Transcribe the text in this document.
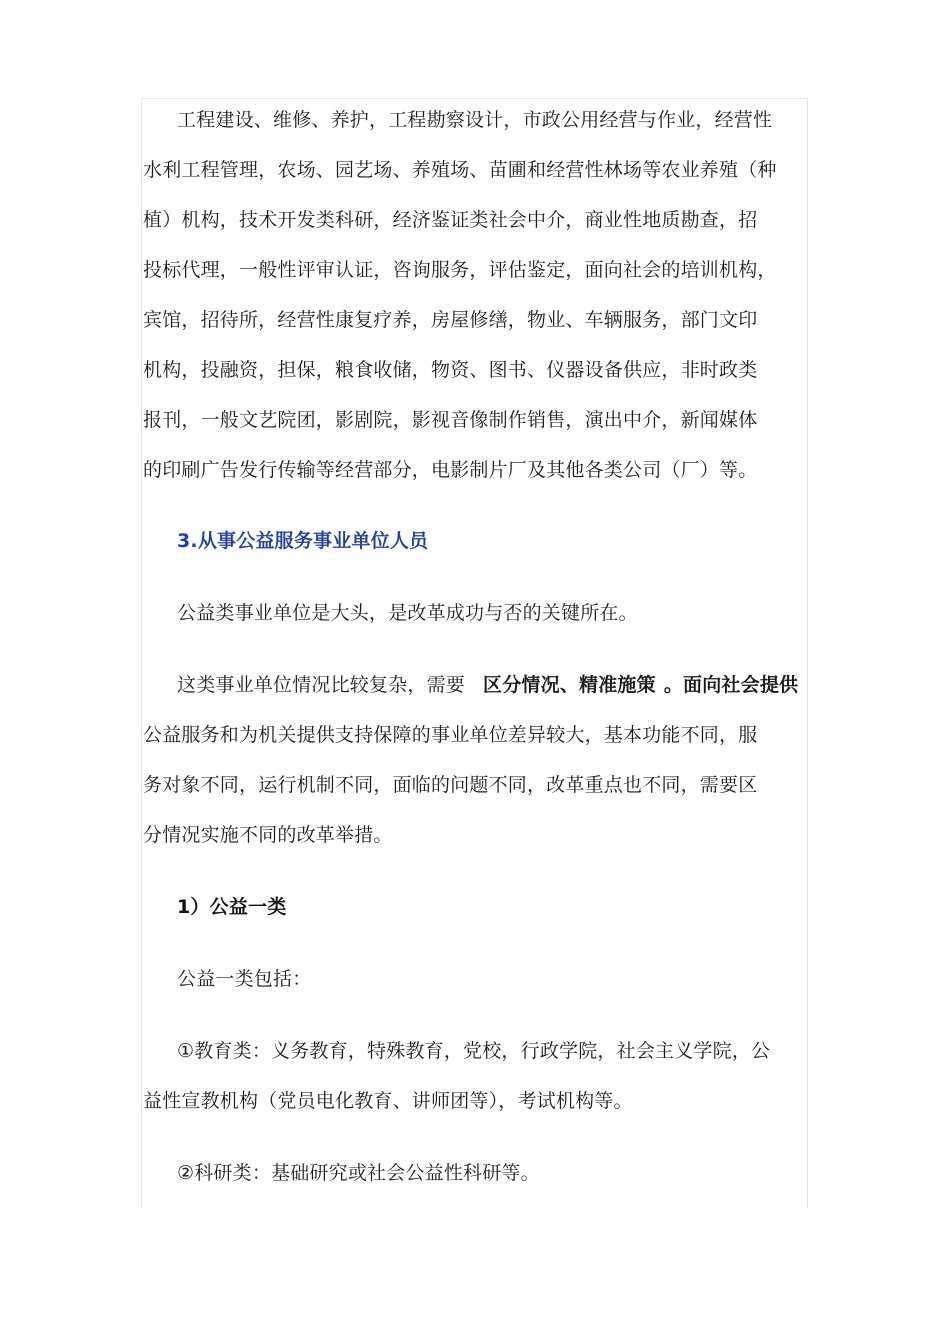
工程建设、维修、养护，工程勘察设计，市政公用经营与作业，经营性
水利工程管理，农场、园艺场、养殖场、苗圃和经营性林场等农业养殖（种
植）机构，技术开发类科研，经济鉴证类社会中介，商业性地质勘查，招
投标代理，一般性评审认证，咨询服务，评估鉴定，面向社会的培训机构，
宾馆，招待所，经营性康复疗养，房屋修缮，物业、车辆服务，部门文印
机构，投融资，担保，粮食收储，物资、图书、仪器设备供应，非时政类
报刊，一般文艺院团，影剧院，影视音像制作销售，演出中介，新闻媒体
的印刷广告发行传输等经营部分，电影制片厂及其他各类公司（厂）等。
3.从事公益服务事业单位人员
公益类事业单位是大头，是改革成功与否的关键所在。
这类事业单位情况比较复杂，需要 区分情况、精准施策 。面向社会提供
公益服务和为机关提供支持保障的事业单位差异较大，基本功能不同，服
务对象不同，运行机制不同，面临的问题不同，改革重点也不同，需要区
分情况实施不同的改革举措。
1）公益一类
公益一类包括：
①教育类：义务教育，特殊教育，党校，行政学院，社会主义学院，公
益性宣教机构（党员电化教育、讲师团等），考试机构等。
②科研类：基础研究或社会公益性科研等。
